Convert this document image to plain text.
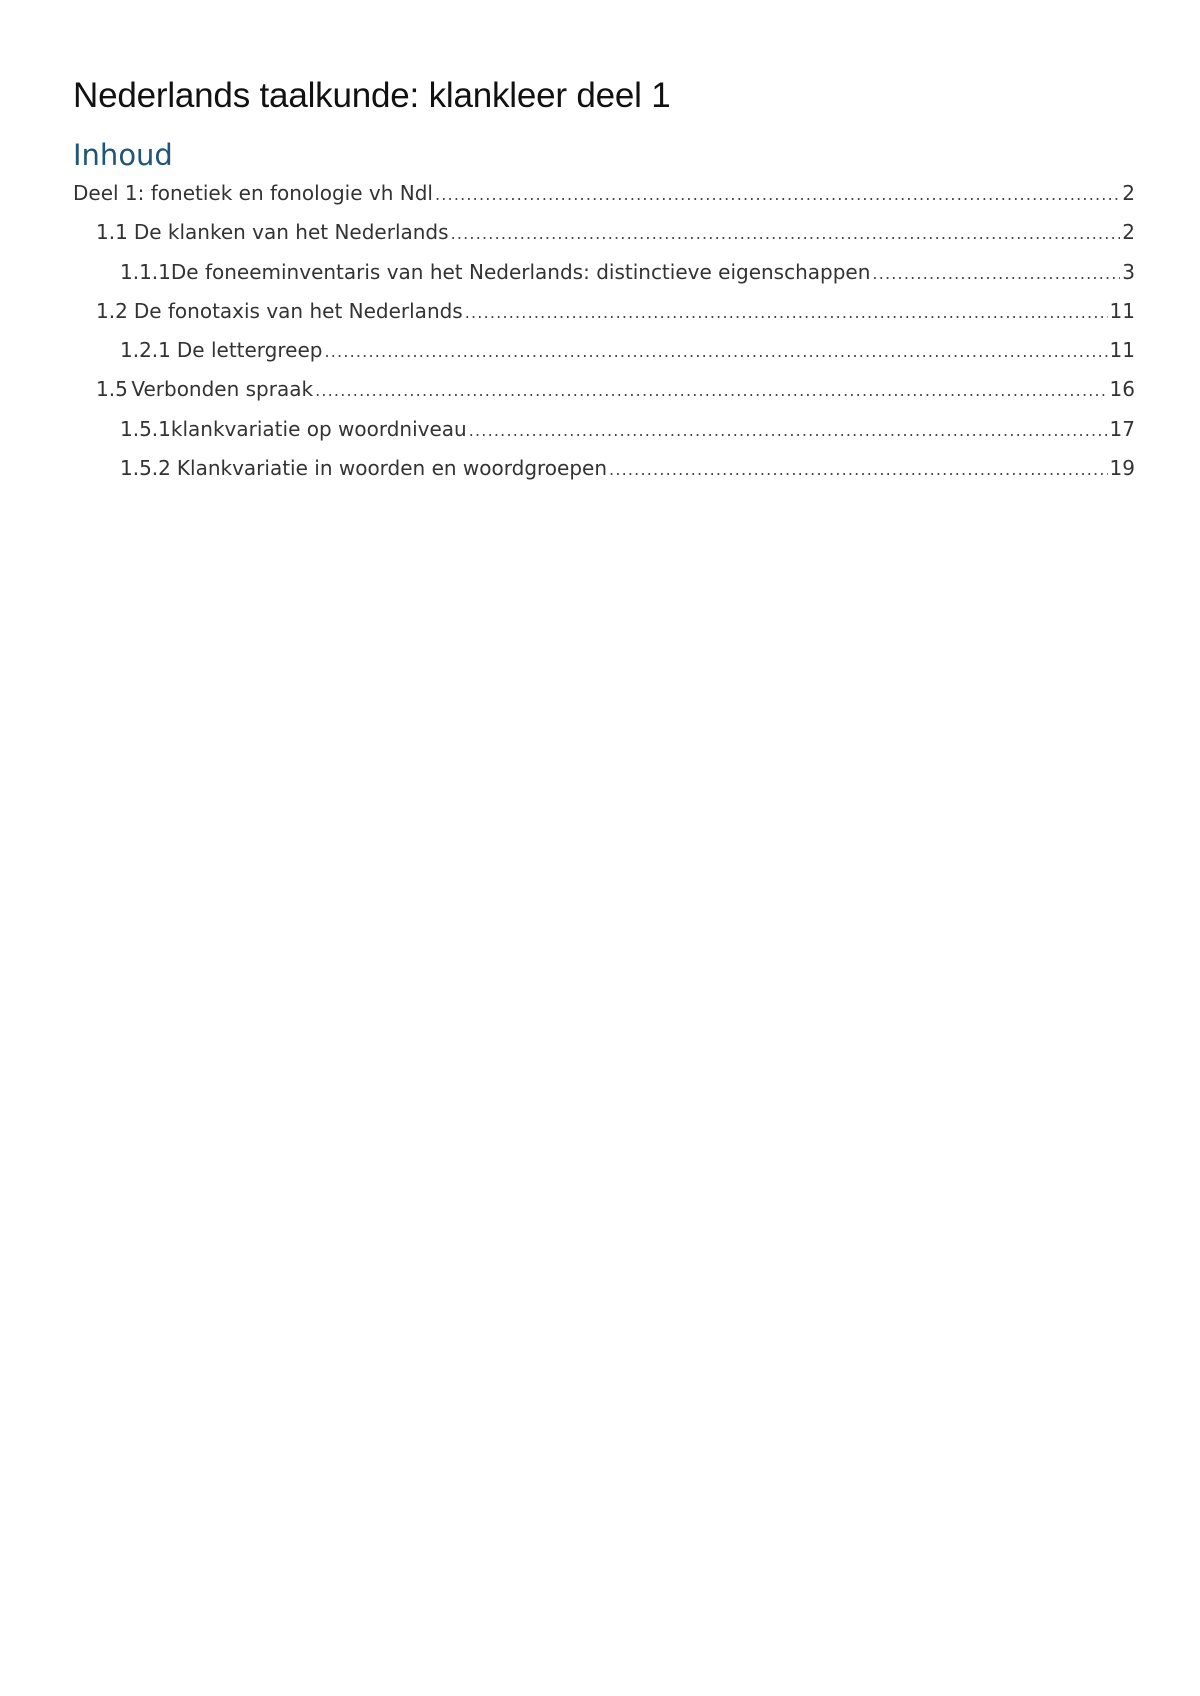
Nederlands taalkunde: klankleer deel 1
Inhoud
Deel 1: fonetiek en fonologie vh Ndl .....	2
1.1 De klanken van het Nederlands .....	2
1.1.1 De foneeminventaris van het Nederlands: distinctieve eigenschappen .....	3
1.2 De fonotaxis van het Nederlands .....	11
1.2.1 De lettergreep .....	11
1.5 Verbonden spraak .....	16
1.5.1 klankvariatie op woordniveau .....	17
1.5.2 Klankvariatie in woorden en woordgroepen .....	19
